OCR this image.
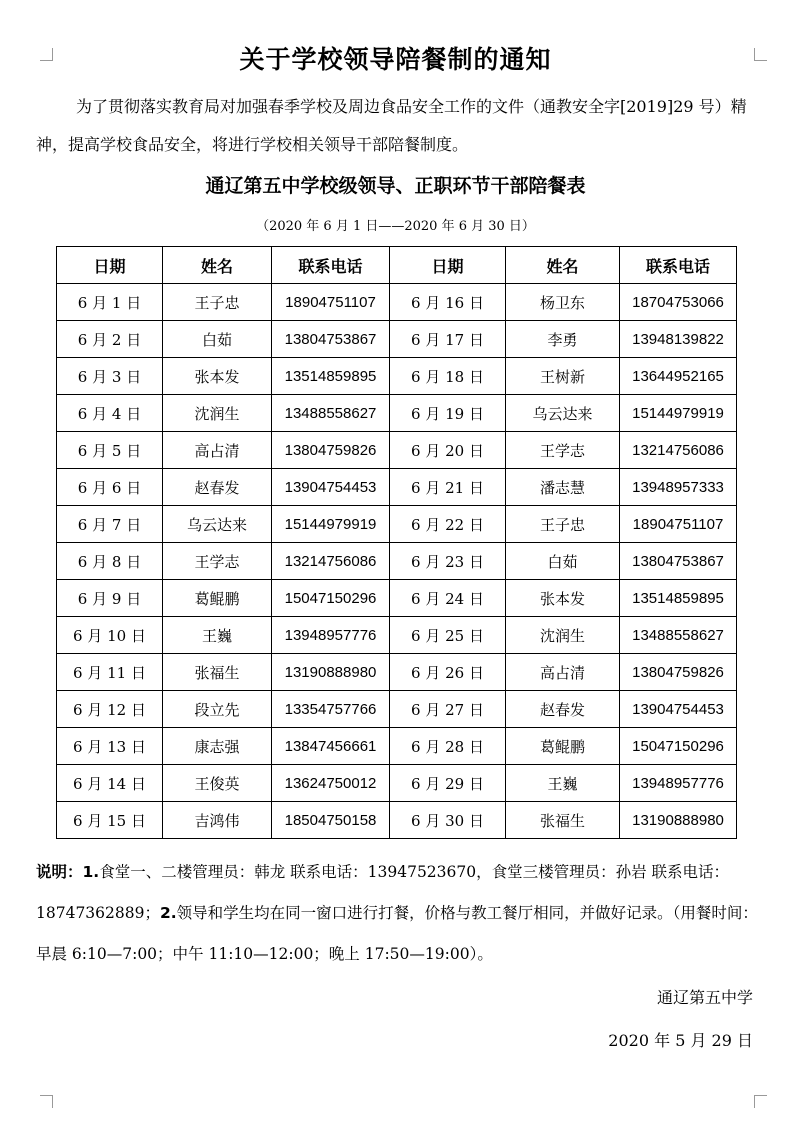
关于学校领导陪餐制的通知
为了贯彻落实教育局对加强春季学校及周边食品安全工作的文件（通教安全字[2019]29 号）精神，提高学校食品安全，将进行学校相关领导干部陪餐制度。
通辽第五中学校级领导、正职环节干部陪餐表
（2020 年 6 月 1 日——2020 年 6 月 30 日）
日期	姓名	联系电话	日期	姓名	联系电话
6 月 1 日	王子忠	18904751107	6 月 16 日	杨卫东	18704753066
6 月 2 日	白茹	13804753867	6 月 17 日	李勇	13948139822
6 月 3 日	张本发	13514859895	6 月 18 日	王树新	13644952165
6 月 4 日	沈润生	13488558627	6 月 19 日	乌云达来	15144979919
6 月 5 日	高占清	13804759826	6 月 20 日	王学志	13214756086
6 月 6 日	赵春发	13904754453	6 月 21 日	潘志慧	13948957333
6 月 7 日	乌云达来	15144979919	6 月 22 日	王子忠	18904751107
6 月 8 日	王学志	13214756086	6 月 23 日	白茹	13804753867
6 月 9 日	葛鲲鹏	15047150296	6 月 24 日	张本发	13514859895
6 月 10 日	王巍	13948957776	6 月 25 日	沈润生	13488558627
6 月 11 日	张福生	13190888980	6 月 26 日	高占清	13804759826
6 月 12 日	段立先	13354757766	6 月 27 日	赵春发	13904754453
6 月 13 日	康志强	13847456661	6 月 28 日	葛鲲鹏	15047150296
6 月 14 日	王俊英	13624750012	6 月 29 日	王巍	13948957776
6 月 15 日	吉鸿伟	18504750158	6 月 30 日	张福生	13190888980
说明：1.食堂一、二楼管理员：韩龙 联系电话：13947523670，食堂三楼管理员：孙岩 联系电话：18747362889；2.领导和学生均在同一窗口进行打餐，价格与教工餐厅相同，并做好记录。（用餐时间：早晨 6:10—7:00；中午 11:10—12:00；晚上 17:50—19:00）。
通辽第五中学
2020 年 5 月 29 日
